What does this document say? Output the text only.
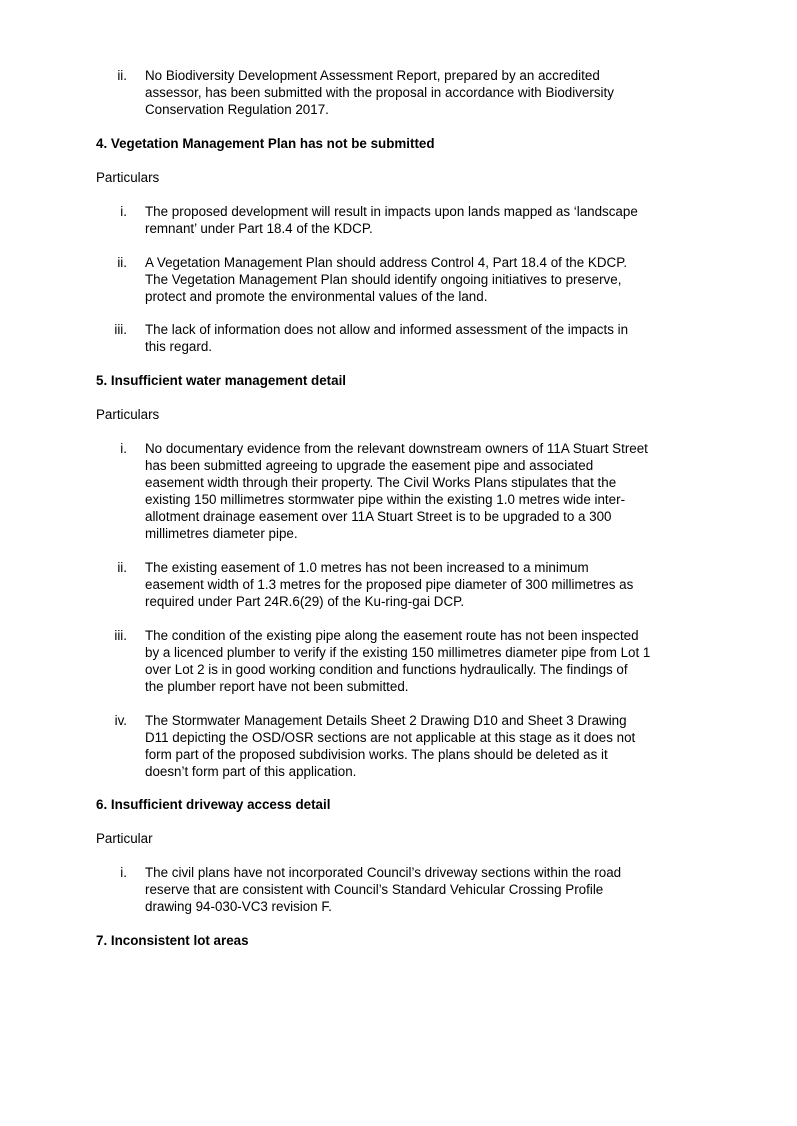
ii. No Biodiversity Development Assessment Report, prepared by an accredited
assessor, has been submitted with the proposal in accordance with Biodiversity
Conservation Regulation 2017.
4. Vegetation Management Plan has not be submitted
Particulars
i. The proposed development will result in impacts upon lands mapped as ‘landscape
remnant’ under Part 18.4 of the KDCP.
ii. A Vegetation Management Plan should address Control 4, Part 18.4 of the KDCP.
The Vegetation Management Plan should identify ongoing initiatives to preserve,
protect and promote the environmental values of the land.
iii. The lack of information does not allow and informed assessment of the impacts in
this regard.
5. Insufficient water management detail
Particulars
i. No documentary evidence from the relevant downstream owners of 11A Stuart Street
has been submitted agreeing to upgrade the easement pipe and associated
easement width through their property. The Civil Works Plans stipulates that the
existing 150 millimetres stormwater pipe within the existing 1.0 metres wide inter-
allotment drainage easement over 11A Stuart Street is to be upgraded to a 300
millimetres diameter pipe.
ii. The existing easement of 1.0 metres has not been increased to a minimum
easement width of 1.3 metres for the proposed pipe diameter of 300 millimetres as
required under Part 24R.6(29) of the Ku-ring-gai DCP.
iii. The condition of the existing pipe along the easement route has not been inspected
by a licenced plumber to verify if the existing 150 millimetres diameter pipe from Lot 1
over Lot 2 is in good working condition and functions hydraulically. The findings of
the plumber report have not been submitted.
iv. The Stormwater Management Details Sheet 2 Drawing D10 and Sheet 3 Drawing
D11 depicting the OSD/OSR sections are not applicable at this stage as it does not
form part of the proposed subdivision works. The plans should be deleted as it
doesn’t form part of this application.
6. Insufficient driveway access detail
Particular
i. The civil plans have not incorporated Council’s driveway sections within the road
reserve that are consistent with Council’s Standard Vehicular Crossing Profile
drawing 94-030-VC3 revision F.
7. Inconsistent lot areas
